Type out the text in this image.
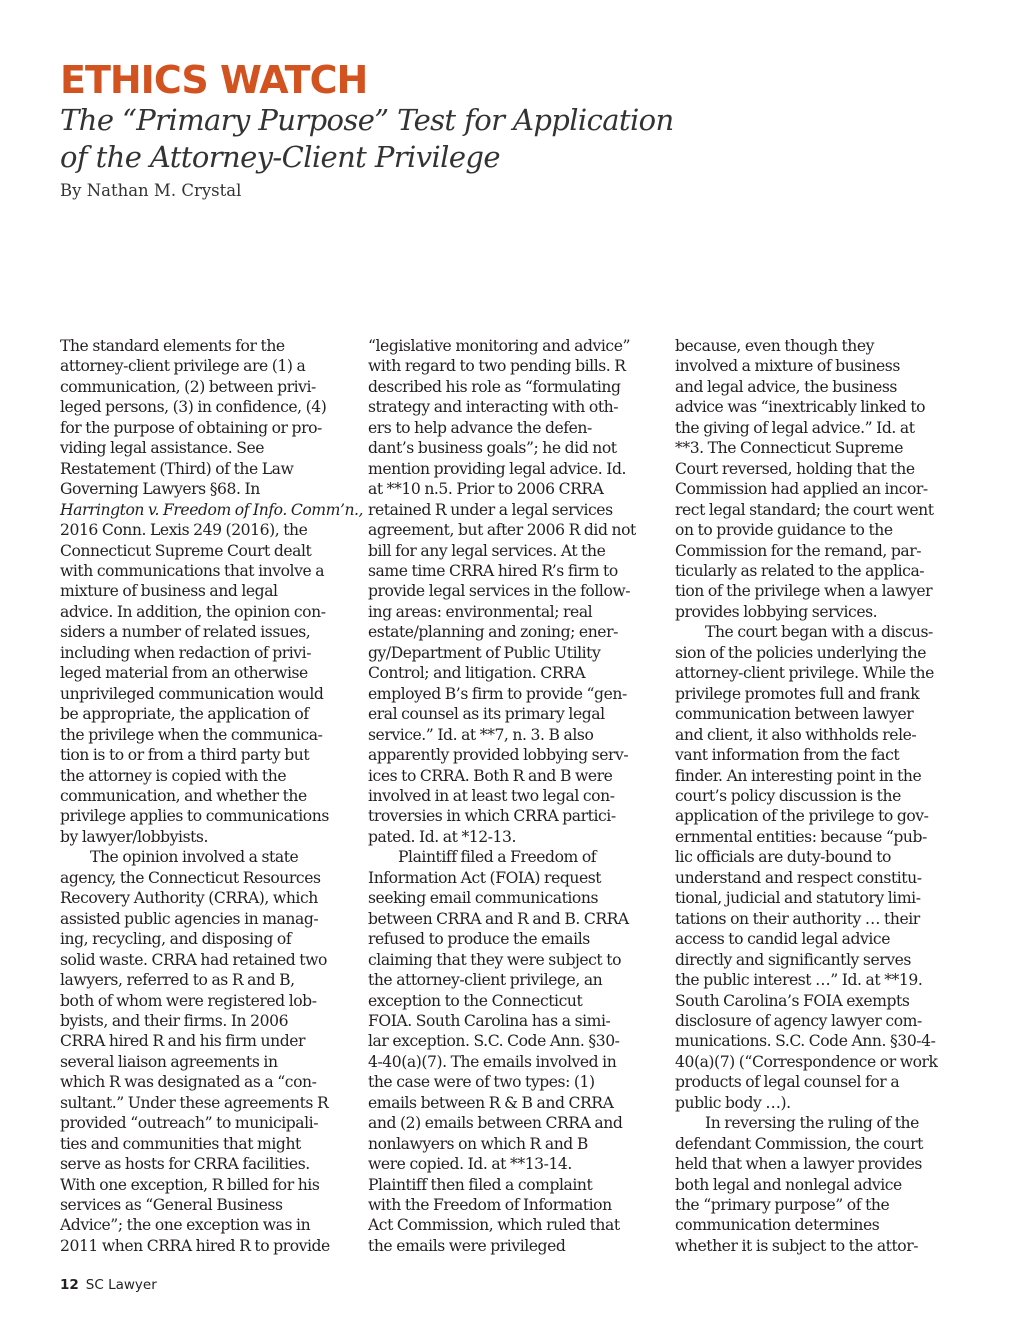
ETHICS WATCH
The “Primary Purpose” Test for Application
of the Attorney-Client Privilege

By Nathan M. Crystal

The standard elements for the
attorney-client privilege are (1) a
communication, (2) between privi-
leged persons, (3) in confidence, (4)
for the purpose of obtaining or pro-
viding legal assistance. See
Restatement (Third) of the Law
Governing Lawyers §68. In
Harrington v. Freedom of Info. Comm’n.,
2016 Conn. Lexis 249 (2016), the
Connecticut Supreme Court dealt
with communications that involve a
mixture of business and legal
advice. In addition, the opinion con-
siders a number of related issues,
including when redaction of privi-
leged material from an otherwise
unprivileged communication would
be appropriate, the application of
the privilege when the communica-
tion is to or from a third party but
the attorney is copied with the
communication, and whether the
privilege applies to communications
by lawyer/lobbyists.

The opinion involved a state
agency, the Connecticut Resources
Recovery Authority (CRRA), which
assisted public agencies in manag-
ing, recycling, and disposing of
solid waste. CRRA had retained two
lawyers, referred to as R and B,
both of whom were registered lob-
byists, and their firms. In 2006
CRRA hired R and his firm under
several liaison agreements in
which R was designated as a “con-
sultant.” Under these agreements R
provided “outreach” to municipali-
ties and communities that might
serve as hosts for CRRA facilities.
With one exception, R billed for his
services as “General Business
Advice”; the one exception was in
2011 when CRRA hired R to provide

“legislative monitoring and advice”
with regard to two pending bills. R
described his role as “formulating
strategy and interacting with oth-
ers to help advance the defen-
dant’s business goals”; he did not
mention providing legal advice. Id.
at **10 n.5. Prior to 2006 CRRA
retained R under a legal services
agreement, but after 2006 R did not
bill for any legal services. At the
same time CRRA hired R’s firm to
provide legal services in the follow-
ing areas: environmental; real
estate/planning and zoning; ener-
gy/Department of Public Utility
Control; and litigation. CRRA
employed B’s firm to provide “gen-
eral counsel as its primary legal
service.” Id. at **7, n. 3. B also
apparently provided lobbying serv-
ices to CRRA. Both R and B were
involved in at least two legal con-
troversies in which CRRA partici-
pated. Id. at *12-13.

Plaintiff filed a Freedom of
Information Act (FOIA) request
seeking email communications
between CRRA and R and B. CRRA
refused to produce the emails
claiming that they were subject to
the attorney-client privilege, an
exception to the Connecticut
FOIA. South Carolina has a simi-
lar exception. S.C. Code Ann. §30-
4-40(a)(7). The emails involved in
the case were of two types: (1)
emails between R & B and CRRA
and (2) emails between CRRA and
nonlawyers on which R and B
were copied. Id. at **13-14.
Plaintiff then filed a complaint
with the Freedom of Information
Act Commission, which ruled that
the emails were privileged

because, even though they
involved a mixture of business
and legal advice, the business
advice was “inextricably linked to
the giving of legal advice.” Id. at
**3. The Connecticut Supreme
Court reversed, holding that the
Commission had applied an incor-
rect legal standard; the court went
on to provide guidance to the
Commission for the remand, par-
ticularly as related to the applica-
tion of the privilege when a lawyer
provides lobbying services.

The court began with a discus-
sion of the policies underlying the
attorney-client privilege. While the
privilege promotes full and frank
communication between lawyer
and client, it also withholds rele-
vant information from the fact
finder. An interesting point in the
court’s policy discussion is the
application of the privilege to gov-
ernmental entities: because “pub-
lic officials are duty-bound to
understand and respect constitu-
tional, judicial and statutory limi-
tations on their authority … their
access to candid legal advice
directly and significantly serves
the public interest …” Id. at **19.
South Carolina’s FOIA exempts
disclosure of agency lawyer com-
munications. S.C. Code Ann. §30-4-
40(a)(7) (“Correspondence or work
products of legal counsel for a
public body …).

In reversing the ruling of the
defendant Commission, the court
held that when a lawyer provides
both legal and nonlegal advice
the “primary purpose” of the
communication determines
whether it is subject to the attor-

12 SC Lawyer
